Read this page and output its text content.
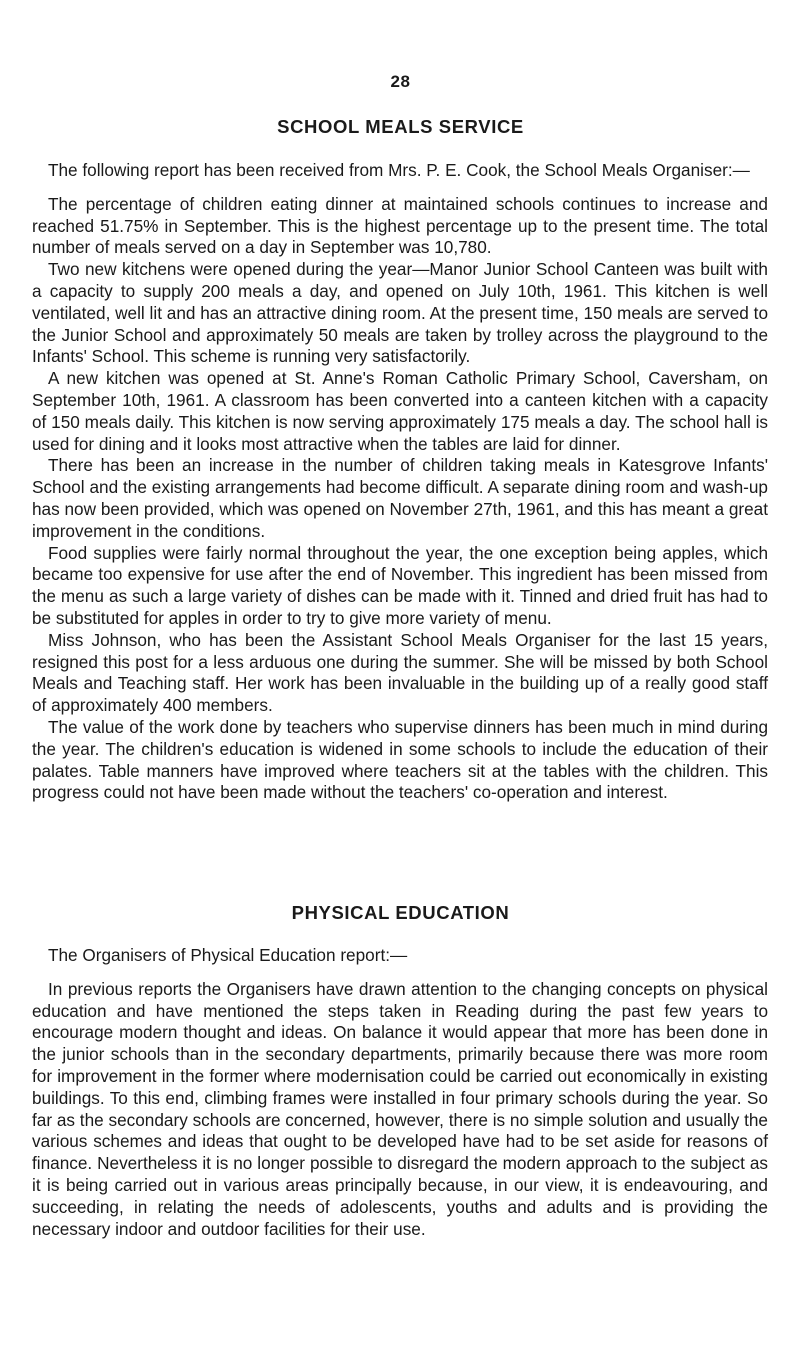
28
SCHOOL MEALS SERVICE

The following report has been received from Mrs. P. E. Cook, the School Meals Organiser:—

The percentage of children eating dinner at maintained schools continues to increase and reached 51.75% in September. This is the highest percentage up to the present time. The total number of meals served on a day in September was 10,780.

Two new kitchens were opened during the year—Manor Junior School Canteen was built with a capacity to supply 200 meals a day, and opened on July 10th, 1961. This kitchen is well ventilated, well lit and has an attractive dining room. At the present time, 150 meals are served to the Junior School and approximately 50 meals are taken by trolley across the playground to the Infants' School. This scheme is running very satisfactorily.

A new kitchen was opened at St. Anne's Roman Catholic Primary School, Caversham, on September 10th, 1961. A classroom has been converted into a canteen kitchen with a capacity of 150 meals daily. This kitchen is now serving approximately 175 meals a day. The school hall is used for dining and it looks most attractive when the tables are laid for dinner.

There has been an increase in the number of children taking meals in Katesgrove Infants' School and the existing arrangements had become difficult. A separate dining room and wash-up has now been provided, which was opened on November 27th, 1961, and this has meant a great improvement in the conditions.

Food supplies were fairly normal throughout the year, the one exception being apples, which became too expensive for use after the end of November. This ingredient has been missed from the menu as such a large variety of dishes can be made with it. Tinned and dried fruit has had to be substituted for apples in order to try to give more variety of menu.

Miss Johnson, who has been the Assistant School Meals Organiser for the last 15 years, resigned this post for a less arduous one during the summer. She will be missed by both School Meals and Teaching staff. Her work has been invaluable in the building up of a really good staff of approximately 400 members.

The value of the work done by teachers who supervise dinners has been much in mind during the year. The children's education is widened in some schools to include the education of their palates. Table manners have improved where teachers sit at the tables with the children. This progress could not have been made without the teachers' co-operation and interest.

PHYSICAL EDUCATION

The Organisers of Physical Education report:—

In previous reports the Organisers have drawn attention to the changing concepts on physical education and have mentioned the steps taken in Reading during the past few years to encourage modern thought and ideas. On balance it would appear that more has been done in the junior schools than in the secondary departments, primarily because there was more room for improvement in the former where modernisation could be carried out economically in existing buildings. To this end, climbing frames were installed in four primary schools during the year. So far as the secondary schools are concerned, however, there is no simple solution and usually the various schemes and ideas that ought to be developed have had to be set aside for reasons of finance. Nevertheless it is no longer possible to disregard the modern approach to the subject as it is being carried out in various areas principally because, in our view, it is endeavouring, and succeeding, in relating the needs of adolescents, youths and adults and is providing the necessary indoor and outdoor facilities for their use.
